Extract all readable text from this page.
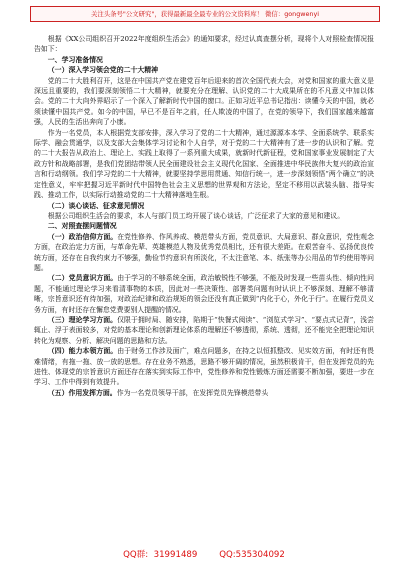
关注头条号"公文研究"，获得最新最全最专业的公文资料库！ 微信：gongwenyi

根据《XX公司组织召开2022年度组织生活会》的通知要求，经过认真查摆分析，现将个人对照检查情况报告如下：

一、学习准备情况

（一）深入学习领会党的二十大精神

党的二十大胜利召开，这是在中国共产党在建党百年后迎来的首次全国代表大会，对党和国家的重大意义是深远且重要的，我们要深刻领悟二十大精神，就要充分在理解、认识党的二十大成果所在的不凡意义中加以体会。党的二十大向外界昭示了一个深入了解新时代中国的窗口。正如习近平总书记指出：读懂今天的中国，就必须读懂中国共产党。如今的中国，早已不是百年之前，任人欺凌的中国了，在党的领导下，我们国家越来越富强，人民的生活出奔向了小康。

作为一名党员，本人根据党支部安排，深入学习了党的二十大精神，通过源源本本学、全面系统学、联系实际学、融会贯通学，以及支部大会集体学习讨论和个人自学，对于党的二十大精神有了进一步的认识和了解。党的二十大报告从政治上、理论上、实践上取得了一系列重大成果，就新时代新征程，党和国家事业发展制定了大政方针和战略部署，是我们党团结带领人民全面建设社会主义现代化国家、全面推进中华民族伟大复兴的政治宣言和行动纲领。我们学习党的二十大精神，就要坚持学思用贯通、知信行统一，进一步深刻领悟“两个确立”的决定性意义，牢牢把握习近平新时代中国特色社会主义思想的世界观和方法论，坚定不移用以武装头脑、指导实践、推动工作，以实际行动推动党的二十大精神落地生根。

（二）谈心谈话、征求意见情况

根据公司组织生活会的要求，本人与部门员工均开展了谈心谈话，广泛征求了大家的意见和建议。

二、对照查摆问题情况

（一）政治信仰方面。在党性修养、作风养成、模范带头方面，党员意识、大局意识、群众意识，党性观念方面，在政治定力方面，与革命先辈、英雄模范人物及优秀党员相比，还有很大差距。在艰苦奋斗、弘扬优良传统方面，还存在自我约束力不够强，勤俭节约意识有所淡化，不太注意笔、本、纸张等办公用品的节约使用等问题。

（二）党员意识方面。由于学习的不够系统全面，政治敏锐性不够强，不能及时发现一些苗头性、倾向性问题，不能通过理论学习来看清事物的本质，因此对一些决策性、部署类问题有时认识上不够深刻、理解不够清晰，宗旨意识还有待加强，对政治纪律和政治规矩的领会还没有真正做到“内化于心，外化于行”。在履行党员义务方面，有时还存在懈怠党费要别人提醒的情况。

（三）理论学习方面。仅限于拥时局、随安排，陷期于“快餐式阅读”、“浏览式学习”、“要点式记背”，浅尝辄止、浮于表面较多，对党的基本理论和创新理论体系的理解还不够透彻，系统、透彻，还不能完全把理论知识转化为观察、分析、解决问题的思路和方法。

（四）能力本领方面。由于财务工作涉及面广，难点问题多，在持之以恒抓整改、见实效方面，有时还有畏难情绪，有拖一拖、放一放的思想。存在业务不熟悉，思路不够开阔的情况，虽然积极肯干，但在发挥党员的先进性、体现党的宗旨意识方面还存在落实到实际工作中，党性修养和党性锻炼方面还需要不断加强，要进一步在学习、工作中得到有效提升。

（五）作用发挥方面。作为一名党员领导干部，在发挥党员先锋模范带头

QQ群:  31991489        QQ:535304092
